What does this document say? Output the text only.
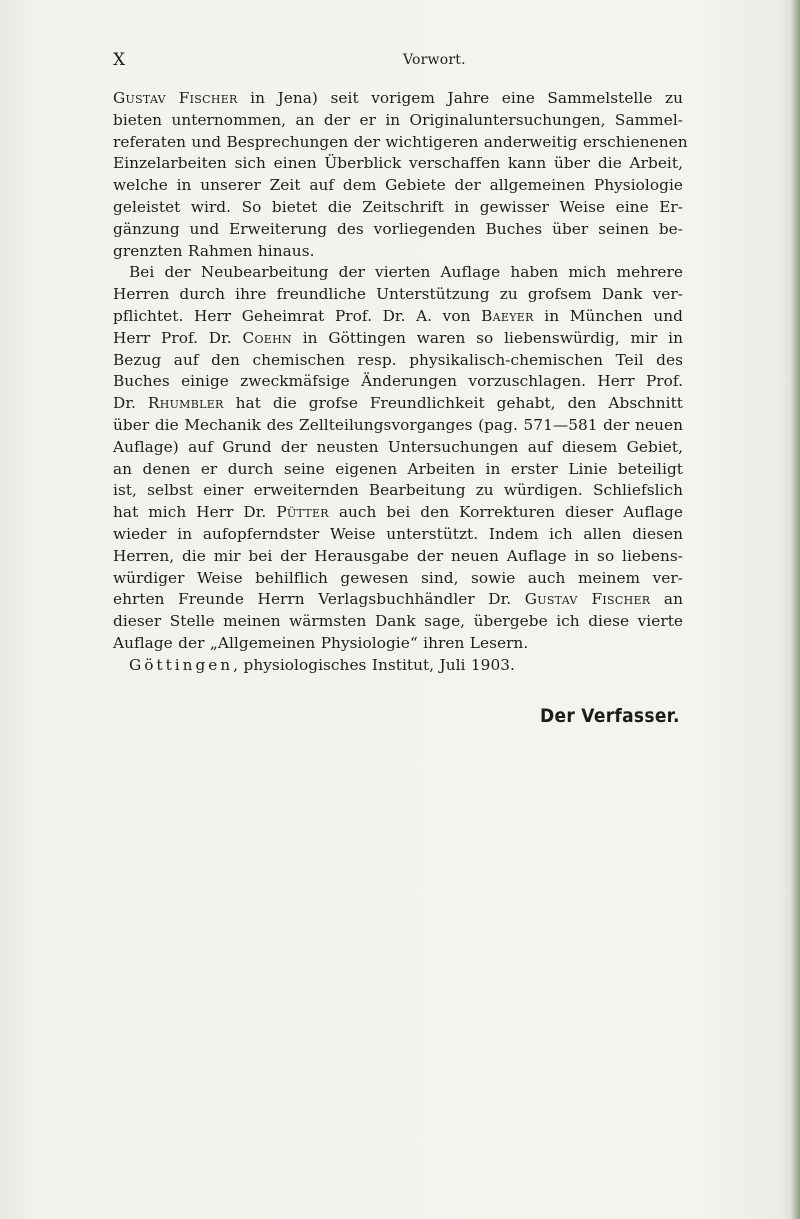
X	Vorwort.
Gustav Fischer in Jena) seit vorigem Jahre eine Sammelstelle zu
bieten unternommen, an der er in Originaluntersuchungen, Sammel-
referaten und Besprechungen der wichtigeren anderweitig erschienenen
Einzelarbeiten sich einen Überblick verschaffen kann über die Arbeit,
welche in unserer Zeit auf dem Gebiete der allgemeinen Physiologie
geleistet wird. So bietet die Zeitschrift in gewisser Weise eine Er-
gänzung und Erweiterung des vorliegenden Buches über seinen be-
grenzten Rahmen hinaus.
Bei der Neubearbeitung der vierten Auflage haben mich mehrere
Herren durch ihre freundliche Unterstützung zu grofsem Dank ver-
pflichtet. Herr Geheimrat Prof. Dr. A. von Baeyer in München und
Herr Prof. Dr. Coehn in Göttingen waren so liebenswürdig, mir in
Bezug auf den chemischen resp. physikalisch-chemischen Teil des
Buches einige zweckmäfsige Änderungen vorzuschlagen. Herr Prof.
Dr. Rhumbler hat die grofse Freundlichkeit gehabt, den Abschnitt
über die Mechanik des Zellteilungsvorganges (pag. 571—581 der neuen
Auflage) auf Grund der neusten Untersuchungen auf diesem Gebiet,
an denen er durch seine eigenen Arbeiten in erster Linie beteiligt
ist, selbst einer erweiternden Bearbeitung zu würdigen. Schliefslich
hat mich Herr Dr. Pütter auch bei den Korrekturen dieser Auflage
wieder in aufopferndster Weise unterstützt. Indem ich allen diesen
Herren, die mir bei der Herausgabe der neuen Auflage in so liebens-
würdiger Weise behilflich gewesen sind, sowie auch meinem ver-
ehrten Freunde Herrn Verlagsbuchhändler Dr. Gustav Fischer an
dieser Stelle meinen wärmsten Dank sage, übergebe ich diese vierte
Auflage der „Allgemeinen Physiologie“ ihren Lesern.
Göttingen, physiologisches Institut, Juli 1903.
Der Verfasser.
